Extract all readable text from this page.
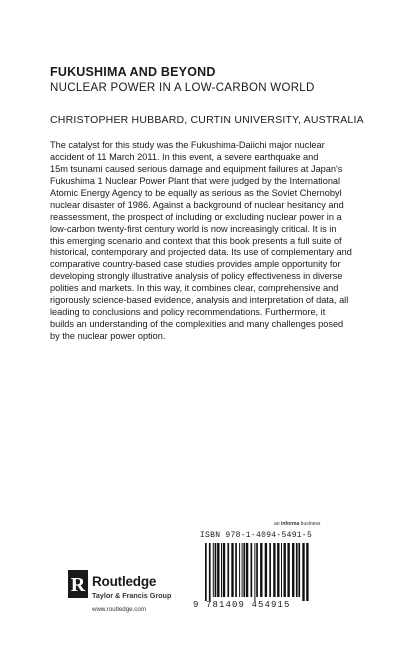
FUKUSHIMA AND BEYOND
NUCLEAR POWER IN A LOW-CARBON WORLD
CHRISTOPHER HUBBARD, CURTIN UNIVERSITY, AUSTRALIA
The catalyst for this study was the Fukushima-Daiichi major nuclear
accident of 11 March 2011. In this event, a severe earthquake and
15m tsunami caused serious damage and equipment failures at Japan's
Fukushima 1 Nuclear Power Plant that were judged by the International
Atomic Energy Agency to be equally as serious as the Soviet Chernobyl
nuclear disaster of 1986. Against a background of nuclear hesitancy and
reassessment, the prospect of including or excluding nuclear power in a
low-carbon twenty-first century world is now increasingly critical. It is in
this emerging scenario and context that this book presents a full suite of
historical, contemporary and projected data. Its use of complementary and
comparative country-based case studies provides ample opportunity for
developing strongly illustrative analysis of policy effectiveness in diverse
polities and markets. In this way, it combines clear, comprehensive and
rigorously science-based evidence, analysis and interpretation of data, all
leading to conclusions and policy recommendations. Furthermore, it
builds an understanding of the complexities and many challenges posed
by the nuclear power option.
an informa business
ISBN 978-1-4094-5491-5
9 781409 454915
R Routledge
Taylor & Francis Group
www.routledge.com
